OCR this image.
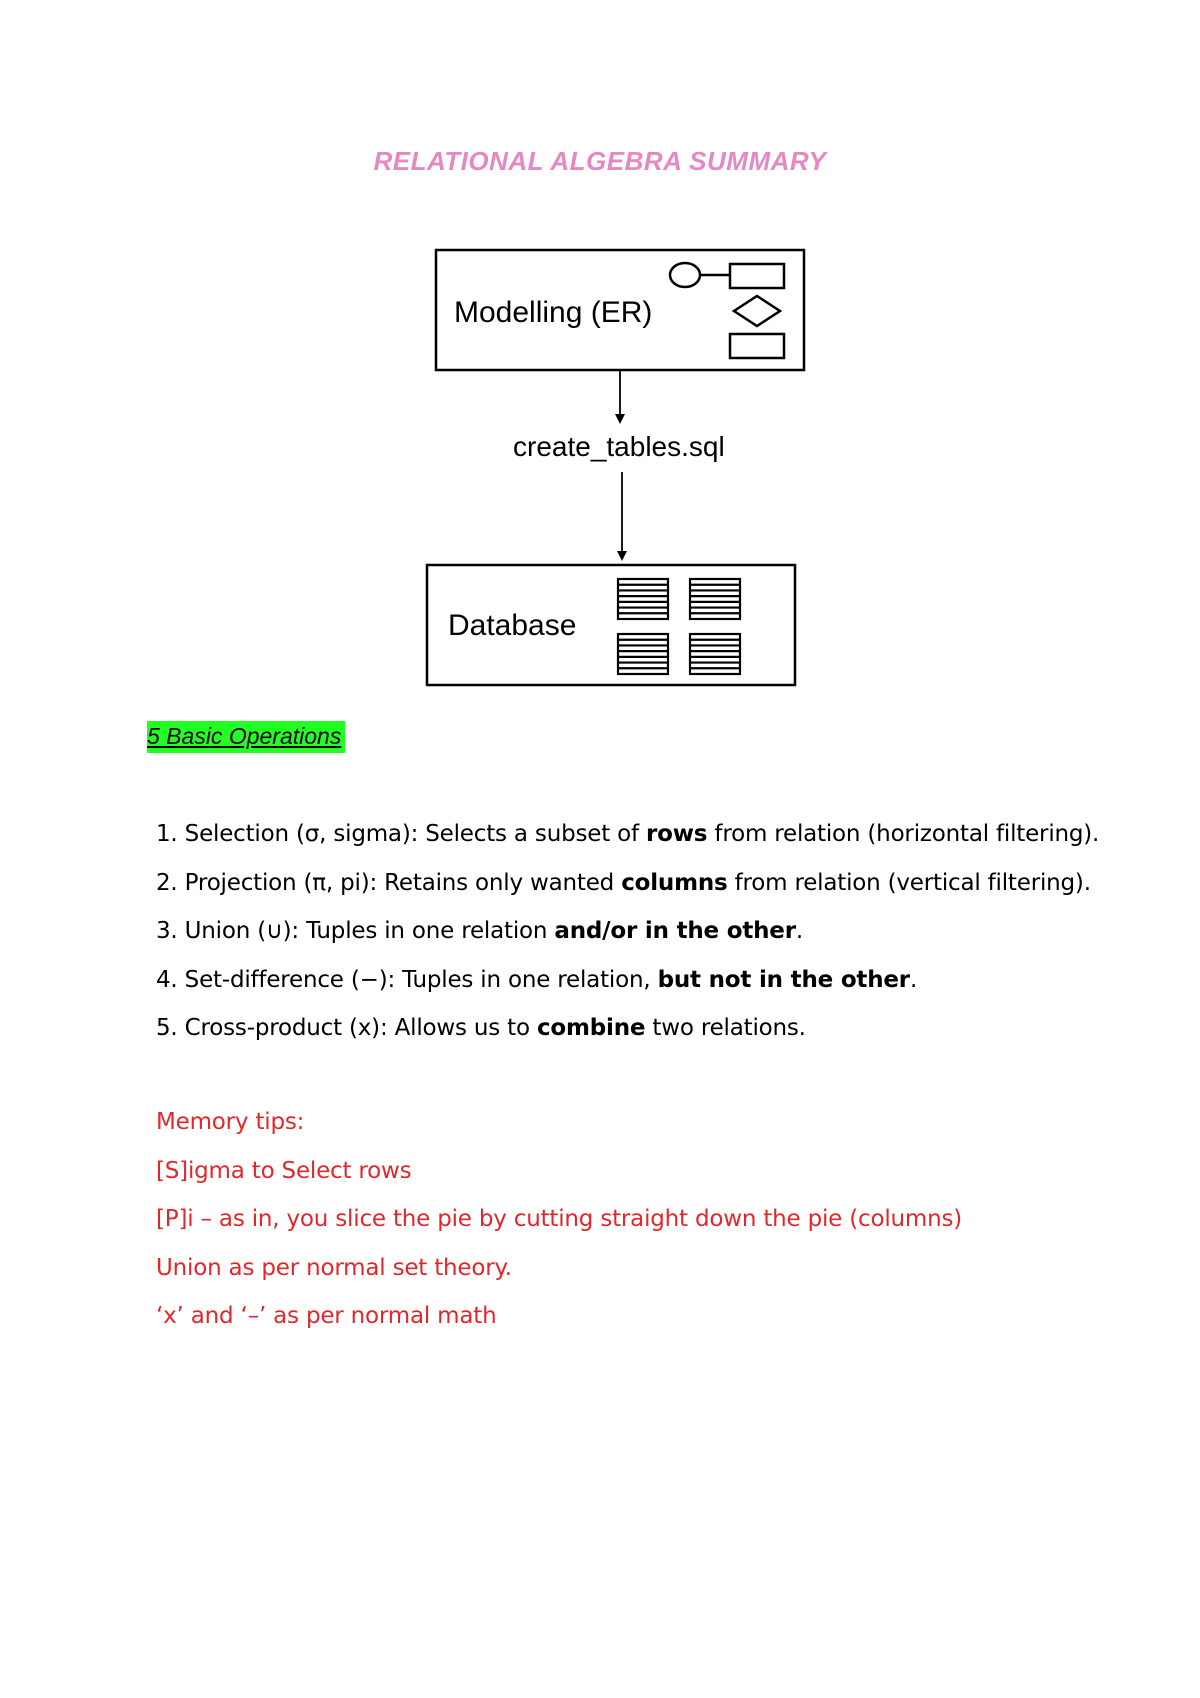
RELATIONAL ALGEBRA SUMMARY
Modelling (ER)
create_tables.sql
Database
5 Basic Operations
1. Selection (σ, sigma): Selects a subset of rows from relation (horizontal filtering).
2. Projection (π, pi): Retains only wanted columns from relation (vertical filtering).
3. Union (∪): Tuples in one relation and/or in the other.
4. Set-difference (−): Tuples in one relation, but not in the other.
5. Cross-product (x): Allows us to combine two relations.
Memory tips:
[S]igma to Select rows
[P]i – as in, you slice the pie by cutting straight down the pie (columns)
Union as per normal set theory.
‘x’ and ‘–’ as per normal math
